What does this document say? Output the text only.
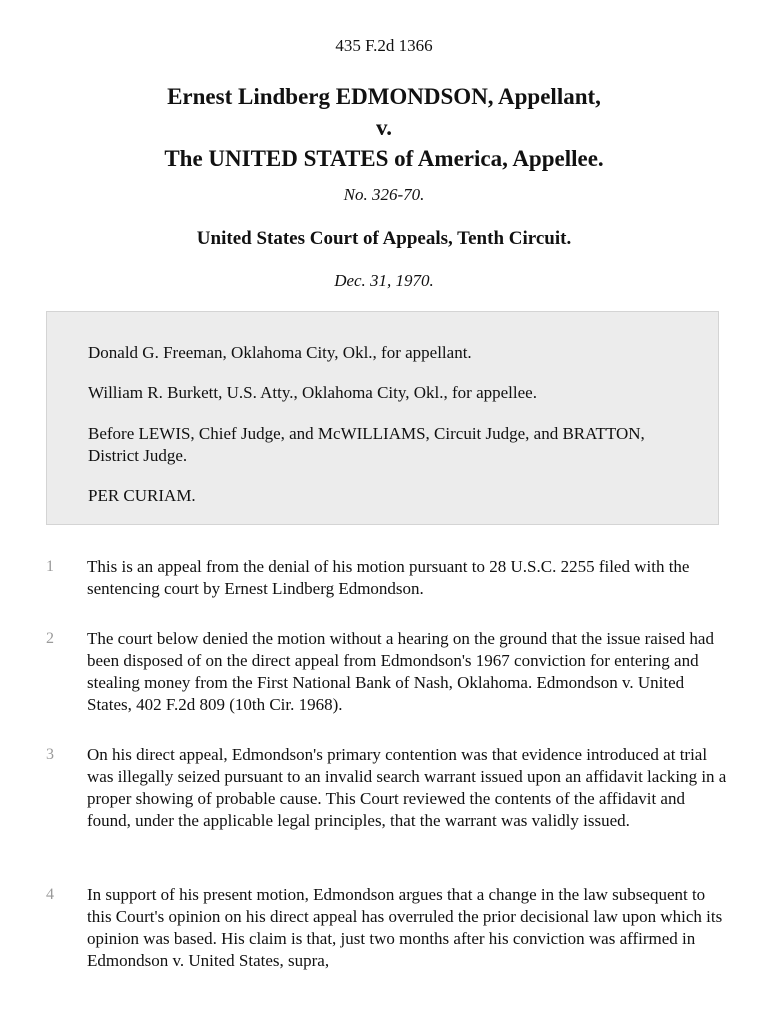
435 F.2d 1366
Ernest Lindberg EDMONDSON, Appellant,
v.
The UNITED STATES of America, Appellee.
No. 326-70.
United States Court of Appeals, Tenth Circuit.
Dec. 31, 1970.

Donald G. Freeman, Oklahoma City, Okl., for appellant.

William R. Burkett, U.S. Atty., Oklahoma City, Okl., for appellee.

Before LEWIS, Chief Judge, and McWILLIAMS, Circuit Judge, and BRATTON, District Judge.

PER CURIAM.

1 This is an appeal from the denial of his motion pursuant to 28 U.S.C. 2255 filed with the sentencing court by Ernest Lindberg Edmondson.

2 The court below denied the motion without a hearing on the ground that the issue raised had been disposed of on the direct appeal from Edmondson's 1967 conviction for entering and stealing money from the First National Bank of Nash, Oklahoma. Edmondson v. United States, 402 F.2d 809 (10th Cir. 1968).

3 On his direct appeal, Edmondson's primary contention was that evidence introduced at trial was illegally seized pursuant to an invalid search warrant issued upon an affidavit lacking in a proper showing of probable cause. This Court reviewed the contents of the affidavit and found, under the applicable legal principles, that the warrant was validly issued.

4 In support of his present motion, Edmondson argues that a change in the law subsequent to this Court's opinion on his direct appeal has overruled the prior decisional law upon which its opinion was based. His claim is that, just two months after his conviction was affirmed in Edmondson v. United States, supra,
